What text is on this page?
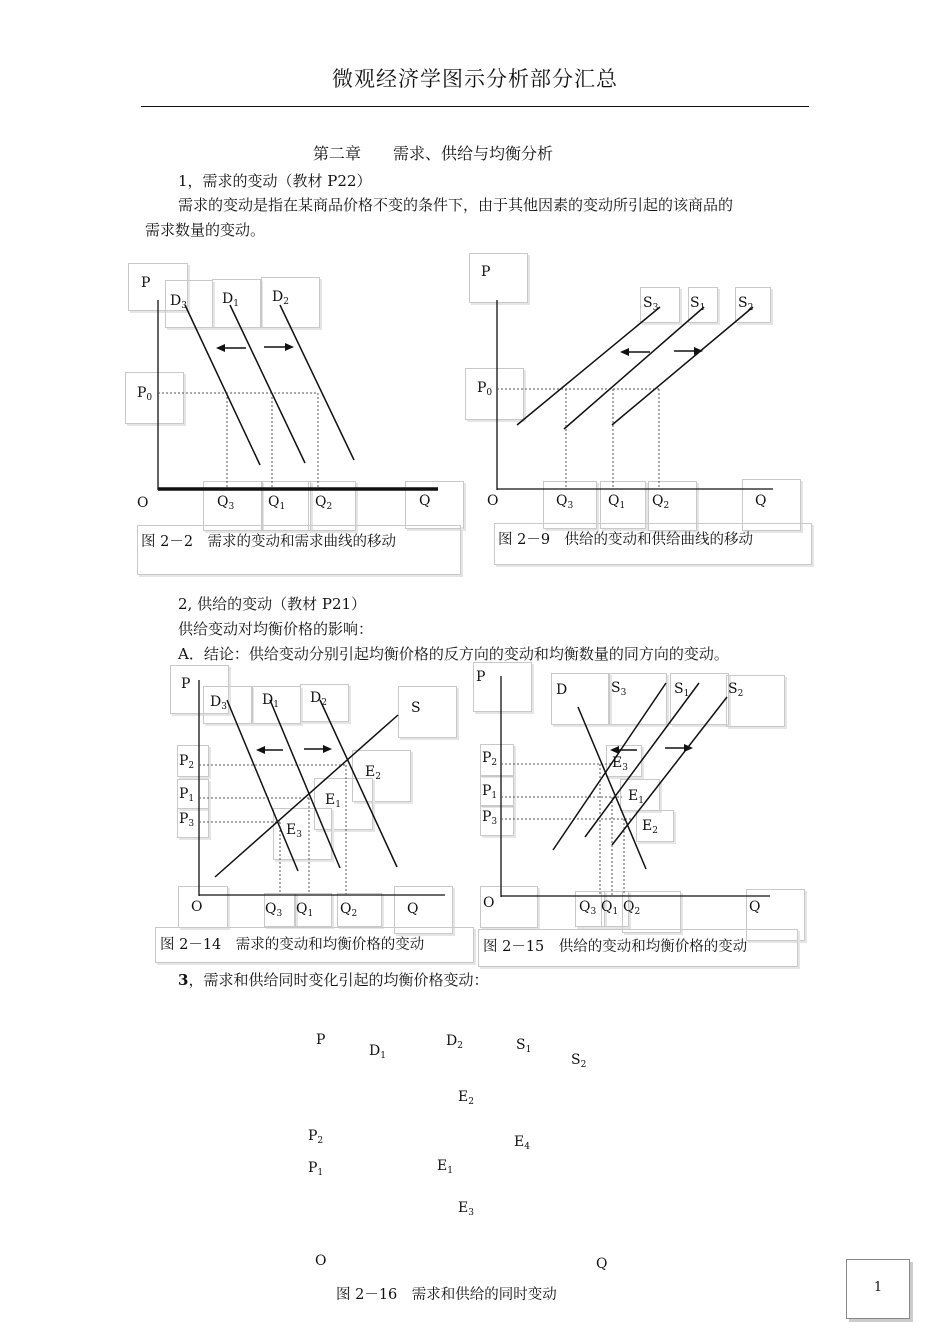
微观经济学图示分析部分汇总
第二章　　需求、供给与均衡分析
1，需求的变动（教材 P22）
需求的变动是指在某商品价格不变的条件下，由于其他因素的变动所引起的该商品的
需求数量的变动。
P
$D_3$	$D_1$ $D_2$
$P_0$
O	$Q_3$ $Q_1$ $Q_2$	Q
图 2－2　需求的变动和需求曲线的移动
P
$S_3$ $S_1$ $S_2$
$P_0$
O	$Q_3$ $Q_1$ $Q_2$	Q
图 2－9　供给的变动和供给曲线的移动
2, 供给的变动（教材 P21）
供给变动对均衡价格的影响：
A．结论：供给变动分别引起均衡价格的反方向的变动和均衡数量的同方向的变动。
P
$D_3$	$D_1$ $D_2$	S
$P_2$
$P_1$
$P_3$
$E_2$
$E_1$
$E_3$
O	$Q_3$ $Q_1$ $Q_2$	Q
图 2－14　需求的变动和均衡价格的变动
P
D	$S_3$	$S_1$	$S_2$
$P_2$
$P_1$
$P_3$
$E_3$
$E_1$
$E_2$
O	$Q_3$ $Q_1$ $Q_2$	Q
图 2－15　供给的变动和均衡价格的变动
3，需求和供给同时变化引起的均衡价格变动：
P
$D_1$
$D_2$	$S_1$
$S_2$
$E_2$
$P_2$	$E_4$
$P_1$	$E_1$
$E_3$
O	Q
图 2－16　需求和供给的同时变动	1
